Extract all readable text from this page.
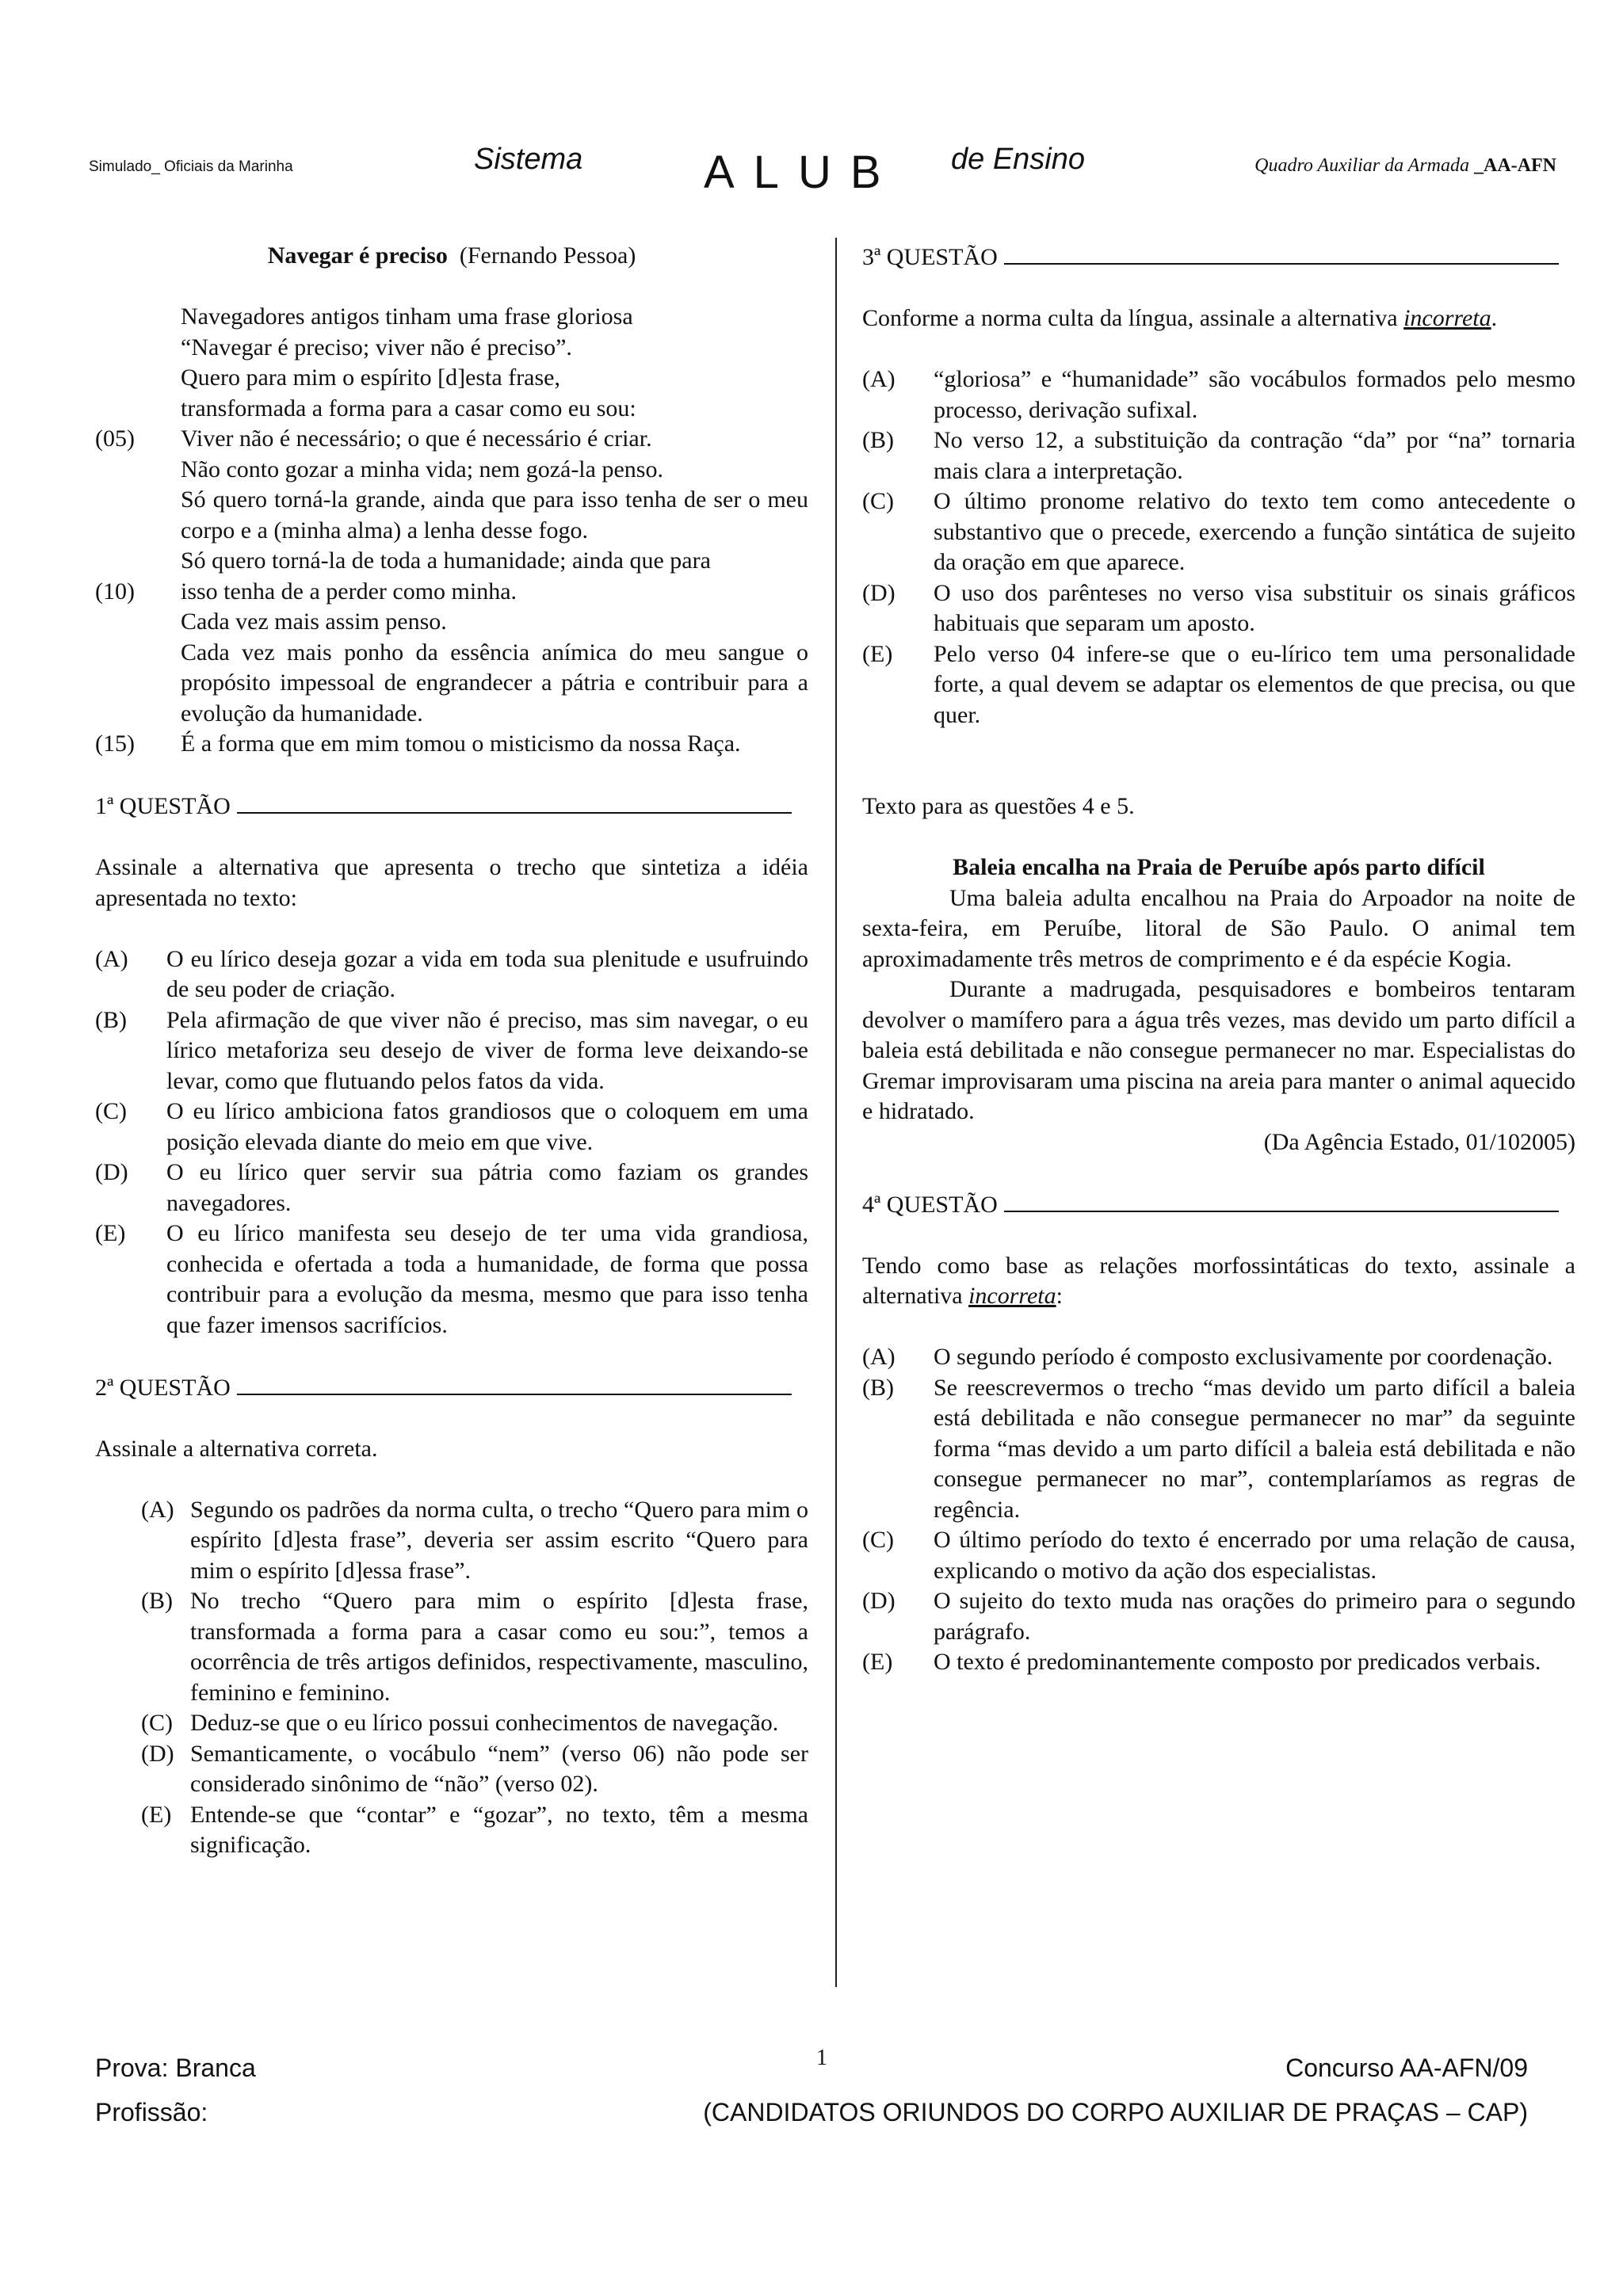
Simulado_ Oficiais da Marinha	Sistema	ALUB de Ensino	Quadro Auxiliar da Armada _AA-AFN
Navegar é preciso (Fernando Pessoa)
Navegadores antigos tinham uma frase gloriosa
“Navegar é preciso; viver não é preciso”.
Quero para mim o espírito [d]esta frase,
transformada a forma para a casar como eu sou:
(05)	Viver não é necessário; o que é necessário é criar.
Não conto gozar a minha vida; nem gozá-la penso.
Só quero torná-la grande, ainda que para isso tenha de ser o meu corpo e a (minha alma) a lenha desse fogo.
Só quero torná-la de toda a humanidade; ainda que para
(10)	isso tenha de a perder como minha.
Cada vez mais assim penso.
Cada vez mais ponho da essência anímica do meu sangue o propósito impessoal de engrandecer a pátria e contribuir para a evolução da humanidade.
(15)	É a forma que em mim tomou o misticismo da nossa Raça.
1ª QUESTÃO
Assinale a alternativa que apresenta o trecho que sintetiza a idéia apresentada no texto:
(A)	O eu lírico deseja gozar a vida em toda sua plenitude e usufruindo de seu poder de criação.
(B)	Pela afirmação de que viver não é preciso, mas sim navegar, o eu lírico metaforiza seu desejo de viver de forma leve deixando-se levar, como que flutuando pelos fatos da vida.
(C)	O eu lírico ambiciona fatos grandiosos que o coloquem em uma posição elevada diante do meio em que vive.
(D)	O eu lírico quer servir sua pátria como faziam os grandes navegadores.
(E)	O eu lírico manifesta seu desejo de ter uma vida grandiosa, conhecida e ofertada a toda a humanidade, de forma que possa contribuir para a evolução da mesma, mesmo que para isso tenha que fazer imensos sacrifícios.
2ª QUESTÃO
Assinale a alternativa correta.
(A) Segundo os padrões da norma culta, o trecho “Quero para mim o espírito [d]esta frase”, deveria ser assim escrito “Quero para mim o espírito [d]essa frase”.
(B) No trecho “Quero para mim o espírito [d]esta frase, transformada a forma para a casar como eu sou:”, temos a ocorrência de três artigos definidos, respectivamente, masculino, feminino e feminino.
(C) Deduz-se que o eu lírico possui conhecimentos de navegação.
(D) Semanticamente, o vocábulo “nem” (verso 06) não pode ser considerado sinônimo de “não” (verso 02).
(E) Entende-se que “contar” e “gozar”, no texto, têm a mesma significação.
3ª QUESTÃO
Conforme a norma culta da língua, assinale a alternativa incorreta.
(A)	“gloriosa” e “humanidade” são vocábulos formados pelo mesmo processo, derivação sufixal.
(B)	No verso 12, a substituição da contração “da” por “na” tornaria mais clara a interpretação.
(C)	O último pronome relativo do texto tem como antecedente o substantivo que o precede, exercendo a função sintática de sujeito da oração em que aparece.
(D)	O uso dos parênteses no verso visa substituir os sinais gráficos habituais que separam um aposto.
(E)	Pelo verso 04 infere-se que o eu-lírico tem uma personalidade forte, a qual devem se adaptar os elementos de que precisa, ou que quer.
Texto para as questões 4 e 5.
Baleia encalha na Praia de Peruíbe após parto difícil
Uma baleia adulta encalhou na Praia do Arpoador na noite de sexta-feira, em Peruíbe, litoral de São Paulo. O animal tem aproximadamente três metros de comprimento e é da espécie Kogia.
Durante a madrugada, pesquisadores e bombeiros tentaram devolver o mamífero para a água três vezes, mas devido um parto difícil a baleia está debilitada e não consegue permanecer no mar. Especialistas do Gremar improvisaram uma piscina na areia para manter o animal aquecido e hidratado.
(Da Agência Estado, 01/102005)
4ª QUESTÃO
Tendo como base as relações morfossintáticas do texto, assinale a alternativa incorreta:
(A)	O segundo período é composto exclusivamente por coordenação.
(B)	Se reescrevermos o trecho “mas devido um parto difícil a baleia está debilitada e não consegue permanecer no mar” da seguinte forma “mas devido a um parto difícil a baleia está debilitada e não consegue permanecer no mar”, contemplaríamos as regras de regência.
(C)	O último período do texto é encerrado por uma relação de causa, explicando o motivo da ação dos especialistas.
(D)	O sujeito do texto muda nas orações do primeiro para o segundo parágrafo.
(E)	O texto é predominantemente composto por predicados verbais.
Prova: Branca	1	Concurso AA-AFN/09
Profissão:	(CANDIDATOS ORIUNDOS DO CORPO AUXILIAR DE PRAÇAS – CAP)
